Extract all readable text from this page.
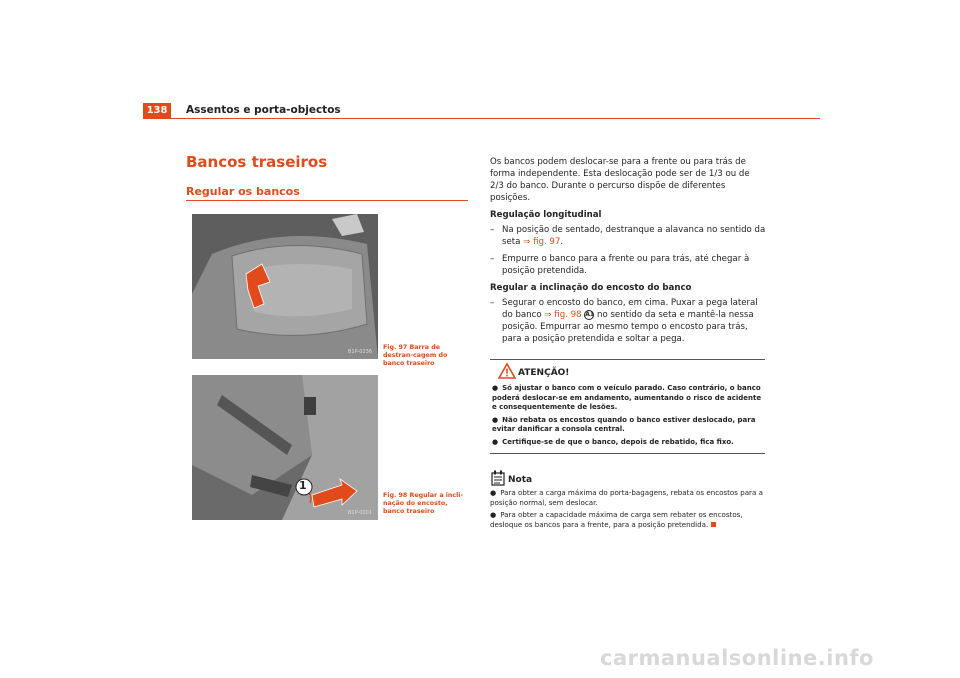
138	Assentos e porta-objectos
Bancos traseiros
Regular os bancos
B1P-0236
Fig. 97 Barra de destran-cagem do banco traseiro
1
B1P-0001
Fig. 98 Regular a incli-nação do encosto, banco traseiro

Os bancos podem deslocar-se para a frente ou para trás de forma independente. Esta deslocação pode ser de 1/3 ou de 2/3 do banco. Durante o percurso dispõe de diferentes posições.

Regulação longitudinal

– Na posição de sentado, destranque a alavanca no sentido da seta ⇒ fig. 97.

– Empurre o banco para a frente ou para trás, até chegar à posição pretendida.

Regular a inclinação do encosto do banco

– Segurar o encosto do banco, em cima. Puxar a pega lateral do banco ⇒ fig. 98 A1 no sentido da seta e mantê-la nessa posição. Empurrar ao mesmo tempo o encosto para trás, para a posição pretendida e soltar a pega.

ATENÇÃO!

● Só ajustar o banco com o veículo parado. Caso contrário, o banco poderá deslocar-se em andamento, aumentando o risco de acidente e consequentemente de lesões.

● Não rebata os encostos quando o banco estiver deslocado, para evitar danificar a consola central.

● Certifique-se de que o banco, depois de rebatido, fica fixo.

Nota

● Para obter a carga máxima do porta-bagagens, rebata os encostos para a posição normal, sem deslocar.

● Para obter a capacidade máxima de carga sem rebater os encostos, desloque os bancos para a frente, para a posição pretendida.

carmanualsonline.info
